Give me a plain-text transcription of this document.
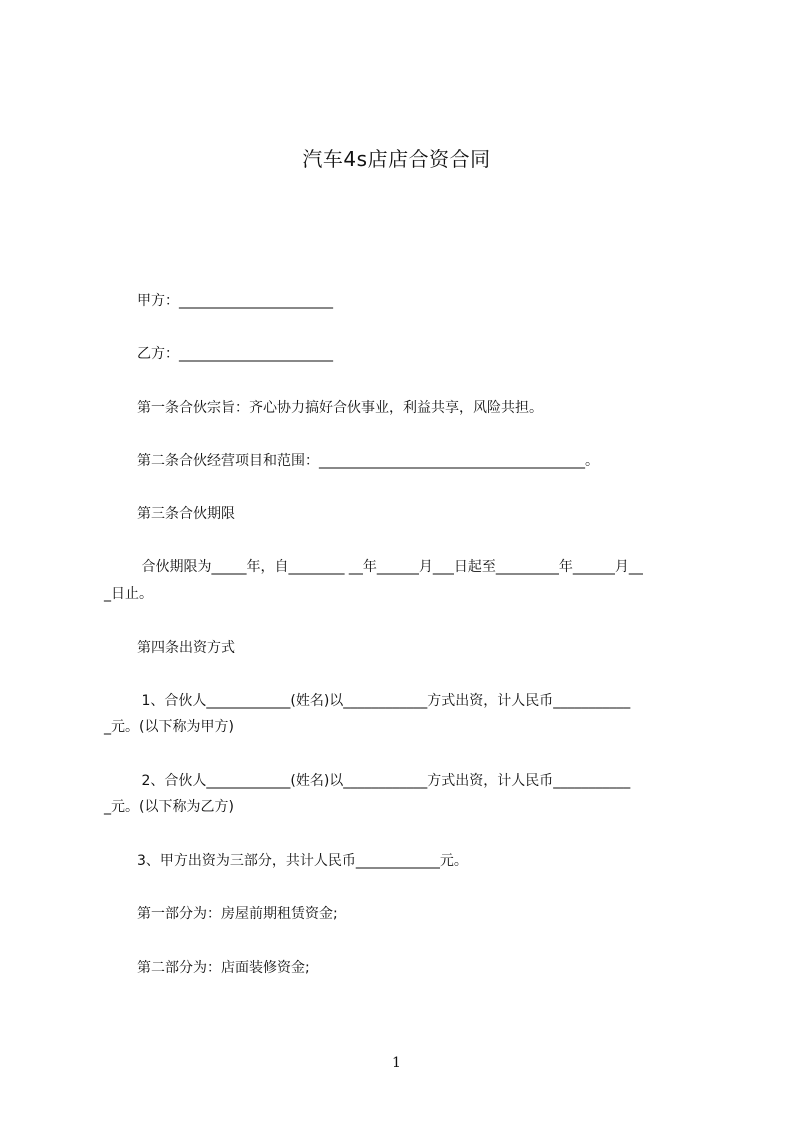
汽车4s店店合资合同
甲方：______________________
乙方：______________________
第一条合伙宗旨：齐心协力搞好合伙事业，利益共享，风险共担。
第二条合伙经营项目和范围：______________________________________。
第三条合伙期限
合伙期限为_____年，自________ __年______月___日起至_________年______月__
_日止。
第四条出资方式
1、合伙人____________(姓名)以____________方式出资，计人民币___________
_元。(以下称为甲方)
2、合伙人____________(姓名)以____________方式出资，计人民币___________
_元。(以下称为乙方)
3、甲方出资为三部分，共计人民币____________元。
第一部分为：房屋前期租赁资金;
第二部分为：店面装修资金;
1
